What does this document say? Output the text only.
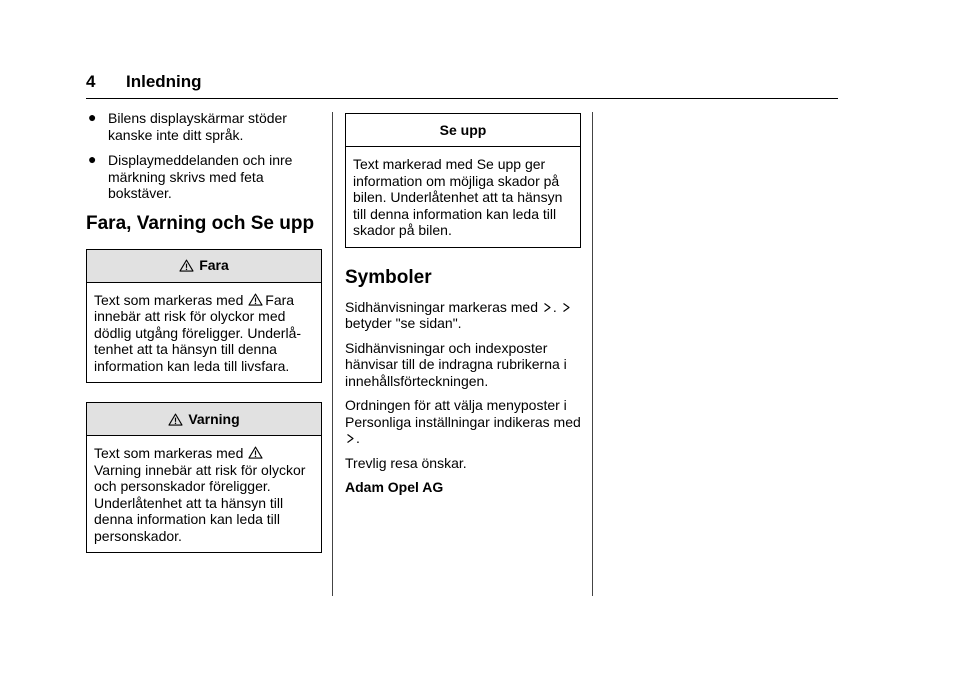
4 Inledning
● Bilens displayskärmar stöder kanske inte ditt språk.
● Displaymeddelanden och inre märkning skrivs med feta bokstäver.
Fara, Varning och Se upp
Fara

Text som markeras med Fara innebär att risk för olyckor med dödlig utgång föreligger. Underlå-tenhet att ta hänsyn till denna information kan leda till livsfara.

Varning

Text som markeras med
Varning innebär att risk för olyckor och personskador föreligger. Underlåtenhet att ta hänsyn till denna information kan leda till personskador.

Se upp

Text markerad med Se upp ger information om möjliga skador på bilen. Underlåtenhet att ta hänsyn till denna information kan leda till skador på bilen.

Symboler

Sidhänvisningar markeras med .
betyder "se sidan".

Sidhänvisningar och indexposter hänvisar till de indragna rubrikerna i innehållsförteckningen.

Ordningen för att välja menyposter i Personliga inställningar indikeras med .

Trevlig resa önskar.

Adam Opel AG
